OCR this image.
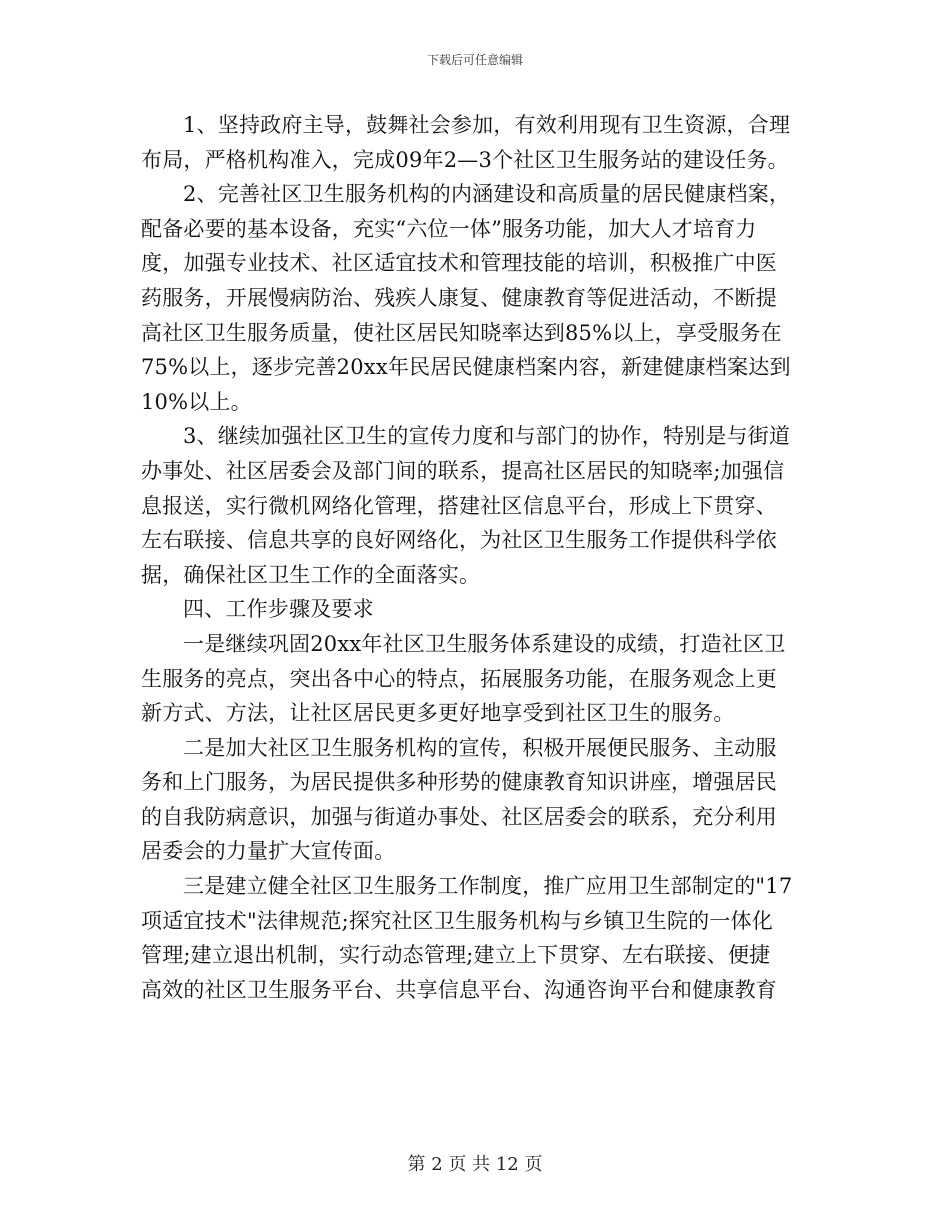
下载后可任意编辑
1、坚持政府主导，鼓舞社会参加，有效利用现有卫生资源，合理
布局，严格机构准入，完成09年2—3个社区卫生服务站的建设任务。
2、完善社区卫生服务机构的内涵建设和高质量的居民健康档案，
配备必要的基本设备，充实“六位一体”服务功能，加大人才培育力
度，加强专业技术、社区适宜技术和管理技能的培训，积极推广中医
药服务，开展慢病防治、残疾人康复、健康教育等促进活动，不断提
高社区卫生服务质量，使社区居民知晓率达到85%以上，享受服务在
75%以上，逐步完善20xx年民居民健康档案内容，新建健康档案达到
10%以上。
3、继续加强社区卫生的宣传力度和与部门的协作，特别是与街道
办事处、社区居委会及部门间的联系，提高社区居民的知晓率;加强信
息报送，实行微机网络化管理，搭建社区信息平台，形成上下贯穿、
左右联接、信息共享的良好网络化，为社区卫生服务工作提供科学依
据，确保社区卫生工作的全面落实。
四、工作步骤及要求
一是继续巩固20xx年社区卫生服务体系建设的成绩，打造社区卫
生服务的亮点，突出各中心的特点，拓展服务功能，在服务观念上更
新方式、方法，让社区居民更多更好地享受到社区卫生的服务。
二是加大社区卫生服务机构的宣传，积极开展便民服务、主动服
务和上门服务，为居民提供多种形势的健康教育知识讲座，增强居民
的自我防病意识，加强与街道办事处、社区居委会的联系，充分利用
居委会的力量扩大宣传面。
三是建立健全社区卫生服务工作制度，推广应用卫生部制定的"17
项适宜技术"法律规范;探究社区卫生服务机构与乡镇卫生院的一体化
管理;建立退出机制，实行动态管理;建立上下贯穿、左右联接、便捷
高效的社区卫生服务平台、共享信息平台、沟通咨询平台和健康教育
第 2 页 共 12 页
